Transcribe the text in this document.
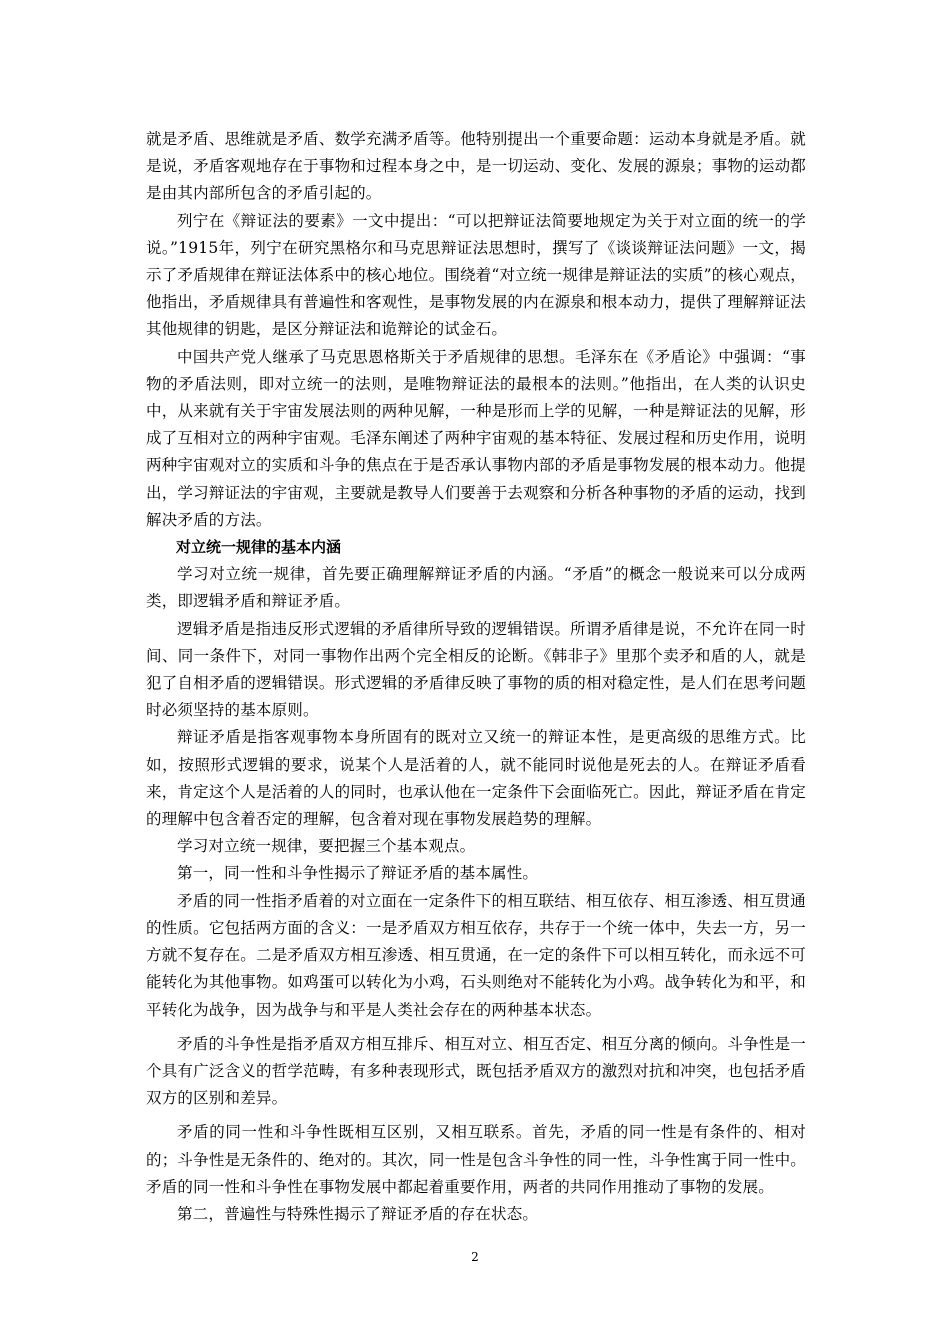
就是矛盾、思维就是矛盾、数学充满矛盾等。他特别提出一个重要命题：运动本身就是矛盾。就是说，矛盾客观地存在于事物和过程本身之中，是一切运动、变化、发展的源泉；事物的运动都是由其内部所包含的矛盾引起的。

列宁在《辩证法的要素》一文中提出：“可以把辩证法简要地规定为关于对立面的统一的学说。”1915年，列宁在研究黑格尔和马克思辩证法思想时，撰写了《谈谈辩证法问题》一文，揭示了矛盾规律在辩证法体系中的核心地位。围绕着“对立统一规律是辩证法的实质”的核心观点，他指出，矛盾规律具有普遍性和客观性，是事物发展的内在源泉和根本动力，提供了理解辩证法其他规律的钥匙，是区分辩证法和诡辩论的试金石。

中国共产党人继承了马克思恩格斯关于矛盾规律的思想。毛泽东在《矛盾论》中强调：“事物的矛盾法则，即对立统一的法则，是唯物辩证法的最根本的法则。”他指出，在人类的认识史中，从来就有关于宇宙发展法则的两种见解，一种是形而上学的见解，一种是辩证法的见解，形成了互相对立的两种宇宙观。毛泽东阐述了两种宇宙观的基本特征、发展过程和历史作用，说明两种宇宙观对立的实质和斗争的焦点在于是否承认事物内部的矛盾是事物发展的根本动力。他提出，学习辩证法的宇宙观，主要就是教导人们要善于去观察和分析各种事物的矛盾的运动，找到解决矛盾的方法。

对立统一规律的基本内涵

学习对立统一规律，首先要正确理解辩证矛盾的内涵。“矛盾”的概念一般说来可以分成两类，即逻辑矛盾和辩证矛盾。

逻辑矛盾是指违反形式逻辑的矛盾律所导致的逻辑错误。所谓矛盾律是说，不允许在同一时间、同一条件下，对同一事物作出两个完全相反的论断。《韩非子》里那个卖矛和盾的人，就是犯了自相矛盾的逻辑错误。形式逻辑的矛盾律反映了事物的质的相对稳定性，是人们在思考问题时必须坚持的基本原则。

辩证矛盾是指客观事物本身所固有的既对立又统一的辩证本性，是更高级的思维方式。比如，按照形式逻辑的要求，说某个人是活着的人，就不能同时说他是死去的人。在辩证矛盾看来，肯定这个人是活着的人的同时，也承认他在一定条件下会面临死亡。因此，辩证矛盾在肯定的理解中包含着否定的理解，包含着对现在事物发展趋势的理解。

学习对立统一规律，要把握三个基本观点。

第一，同一性和斗争性揭示了辩证矛盾的基本属性。

矛盾的同一性指矛盾着的对立面在一定条件下的相互联结、相互依存、相互渗透、相互贯通的性质。它包括两方面的含义：一是矛盾双方相互依存，共存于一个统一体中，失去一方，另一方就不复存在。二是矛盾双方相互渗透、相互贯通，在一定的条件下可以相互转化，而永远不可能转化为其他事物。如鸡蛋可以转化为小鸡，石头则绝对不能转化为小鸡。战争转化为和平，和平转化为战争，因为战争与和平是人类社会存在的两种基本状态。

矛盾的斗争性是指矛盾双方相互排斥、相互对立、相互否定、相互分离的倾向。斗争性是一个具有广泛含义的哲学范畴，有多种表现形式，既包括矛盾双方的激烈对抗和冲突，也包括矛盾双方的区别和差异。

矛盾的同一性和斗争性既相互区别，又相互联系。首先，矛盾的同一性是有条件的、相对的；斗争性是无条件的、绝对的。其次，同一性是包含斗争性的同一性，斗争性寓于同一性中。矛盾的同一性和斗争性在事物发展中都起着重要作用，两者的共同作用推动了事物的发展。

第二，普遍性与特殊性揭示了辩证矛盾的存在状态。

2
